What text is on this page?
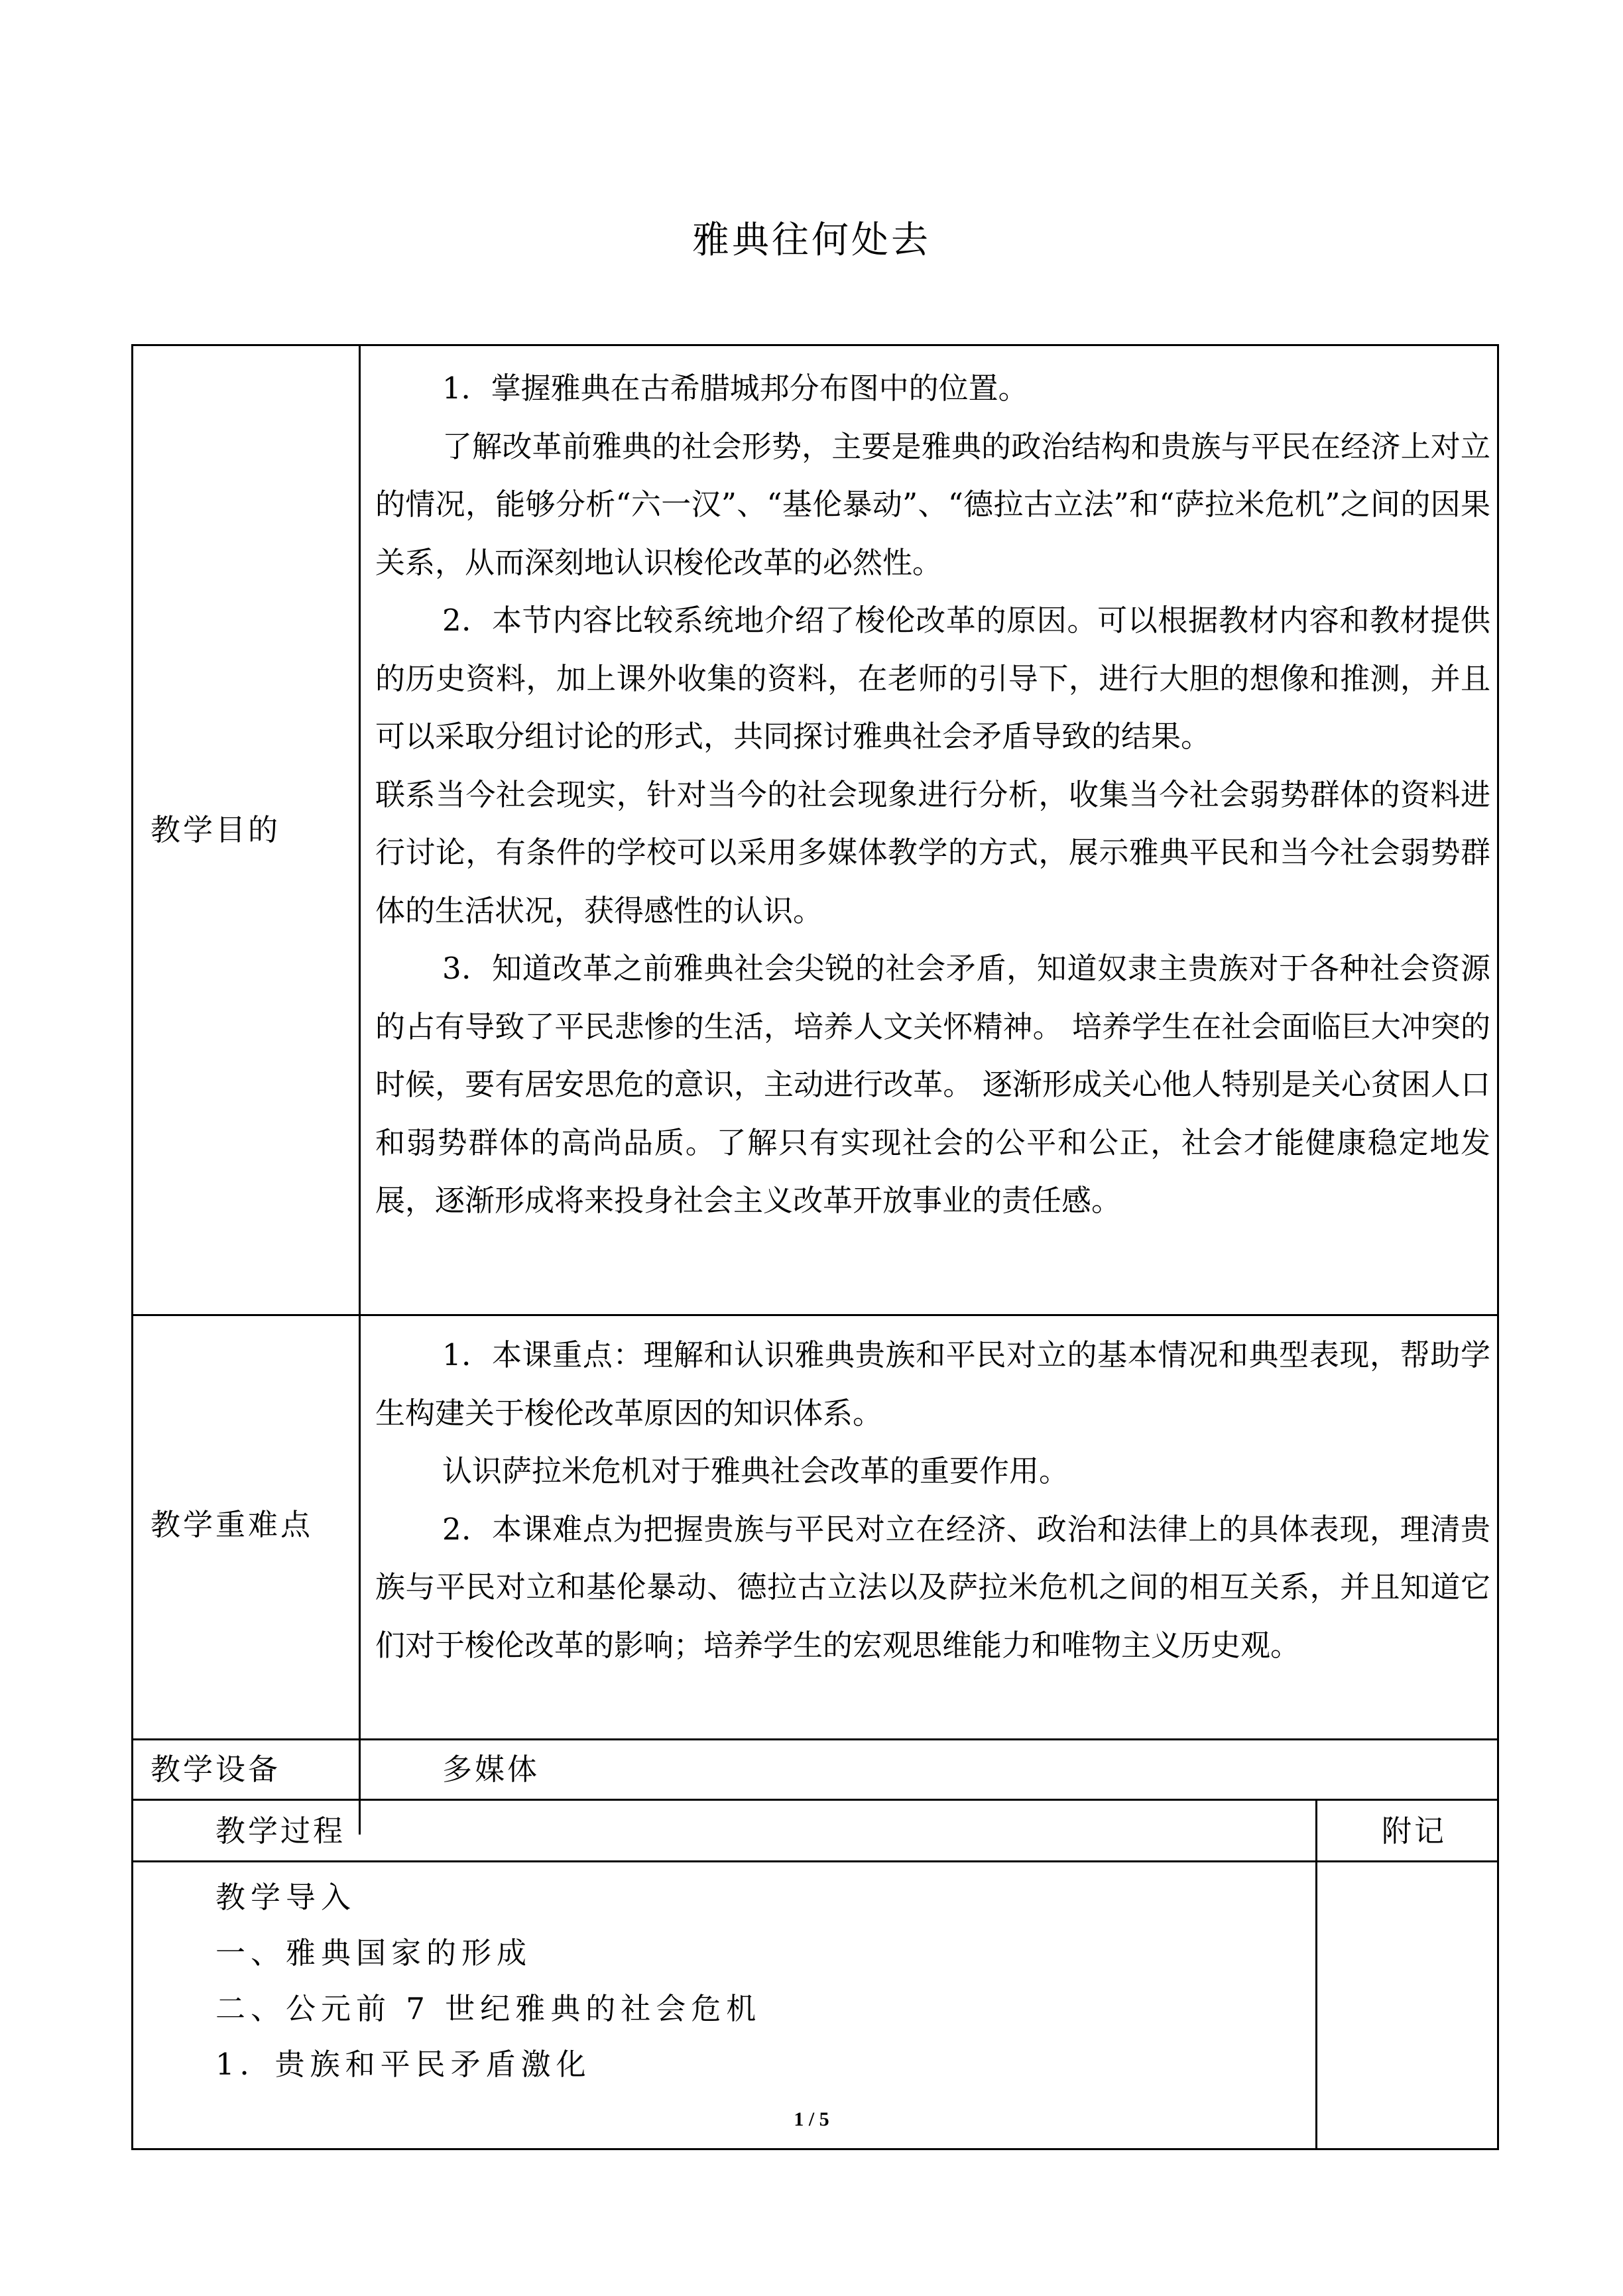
雅典往何处去
教学目的

1．掌握雅典在古希腊城邦分布图中的位置。

了解改革前雅典的社会形势，主要是雅典的政治结构和贵族与平民在经济上对立的情况，能够分析“六一汉”、“基伦暴动”、“德拉古立法”和“萨拉米危机”之间的因果关系，从而深刻地认识梭伦改革的必然性。

2．本节内容比较系统地介绍了梭伦改革的原因。可以根据教材内容和教材提供的历史资料，加上课外收集的资料，在老师的引导下，进行大胆的想像和推测，并且可以采取分组讨论的形式，共同探讨雅典社会矛盾导致的结果。

联系当今社会现实，针对当今的社会现象进行分析，收集当今社会弱势群体的资料进行讨论，有条件的学校可以采用多媒体教学的方式，展示雅典平民和当今社会弱势群体的生活状况，获得感性的认识。

3．知道改革之前雅典社会尖锐的社会矛盾，知道奴隶主贵族对于各种社会资源的占有导致了平民悲惨的生活，培养人文关怀精神。 培养学生在社会面临巨大冲突的时候，要有居安思危的意识，主动进行改革。 逐渐形成关心他人特别是关心贫困人口和弱势群体的高尚品质。了解只有实现社会的公平和公正，社会才能健康稳定地发展，逐渐形成将来投身社会主义改革开放事业的责任感。

教学重难点

1．本课重点：理解和认识雅典贵族和平民对立的基本情况和典型表现，帮助学生构建关于梭伦改革原因的知识体系。

认识萨拉米危机对于雅典社会改革的重要作用。

2．本课难点为把握贵族与平民对立在经济、政治和法律上的具体表现，理清贵族与平民对立和基伦暴动、德拉古立法以及萨拉米危机之间的相互关系，并且知道它们对于梭伦改革的影响；培养学生的宏观思维能力和唯物主义历史观。

教学设备	多媒体
教学过程	附记

教学导入

一、雅典国家的形成

二、公元前 7 世纪雅典的社会危机

1．贵族和平民矛盾激化

1 / 5
